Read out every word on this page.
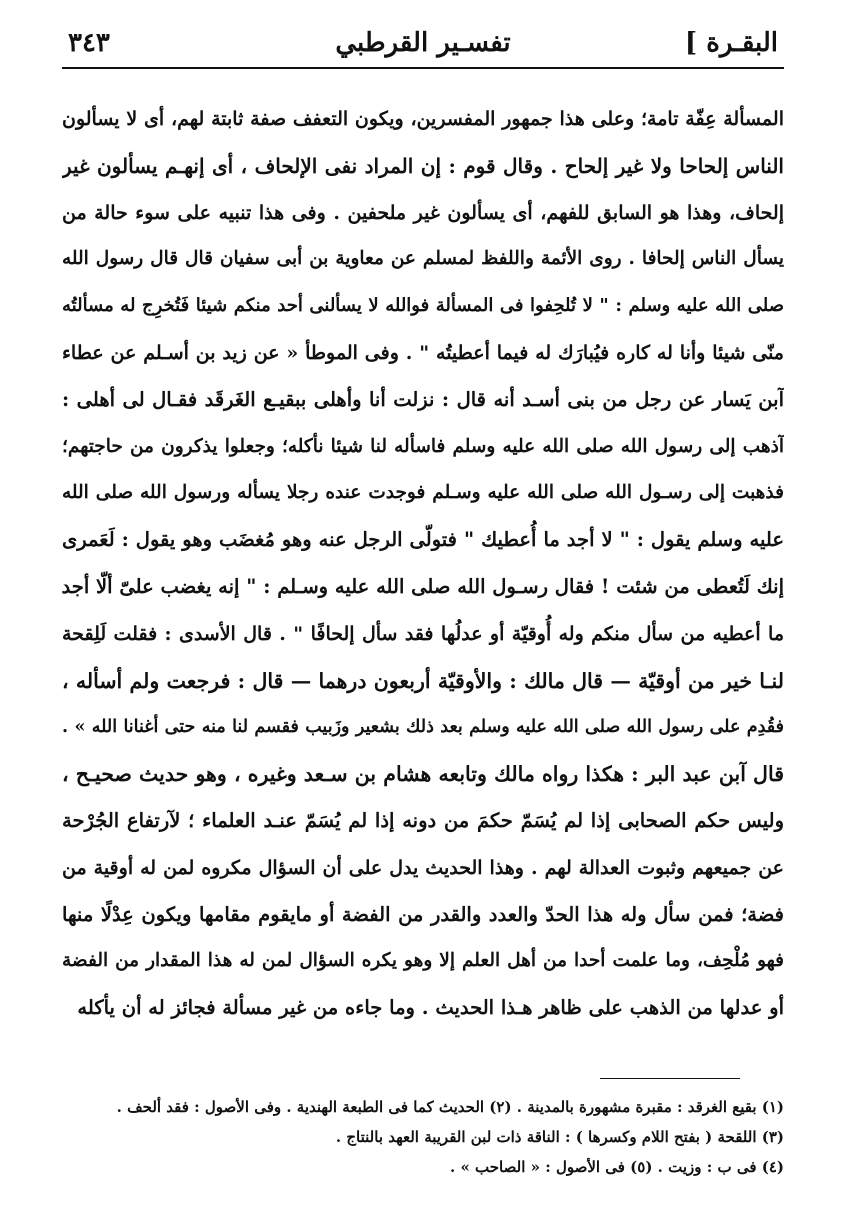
البقـرة ]
تفسـير القرطبي
٣٤٣
المسألة عِفّة تامة؛ وعلى هذا جمهور المفسرين، ويكون التعفف صفة ثابتة لهم، أى لا يسألون
الناس إلحاحا ولا غير إلحاح . وقال قوم : إن المراد نفى الإلحاف ، أى إنهـم يسألون غير
إلحاف، وهذا هو السابق للفهم، أى يسألون غير ملحفين . وفى هذا تنبيه على سوء حالة من
يسأل الناس إلحافا . روى الأئمة واللفظ لمسلم عن معاوية بن أبى سفيان قال قال رسول الله
صلى الله عليه وسلم : " لا تُلحِفوا فى المسألة فوالله لا يسألنى أحد منكم شيئا فَتُخرِج له مسألتُه
منّى شيئا وأنا له كاره فيُبارَك له فيما أعطيتُه " . وفى الموطأ « عن زيد بن أسـلم عن عطاء
آبن يَسار عن رجل من بنى أسـد أنه قال : نزلت أنا وأهلى ببقيـع الغَرقَد فقـال لى أهلى :
آذهب إلى رسول الله صلى الله عليه وسلم فاسأله لنا شيئا نأكله؛ وجعلوا يذكرون من حاجتهم؛
فذهبت إلى رسـول الله صلى الله عليه وسـلم فوجدت عنده رجلا يسأله ورسول الله صلى الله
عليه وسلم يقول : " لا أجد ما أُعطيك " فتولّى الرجل عنه وهو مُغضَب وهو يقول : لَعَمرى
إنك لَتُعطى من شئت ! فقال رسـول الله صلى الله عليه وسـلم : " إنه يغضب علىّ ألّا أجد
ما أعطيه من سأل منكم وله أُوقيّة أو عدلُها فقد سأل إلحافًا " . قال الأسدى : فقلت لَلِقحة
لنـا خير من أوقيّة — قال مالك : والأوقيّة أربعون درهما — قال : فرجعت ولم أسأله ،
فقُدِم على رسول الله صلى الله عليه وسلم بعد ذلك بشعير وزَبيب فقسم لنا منه حتى أغنانا الله » .
قال آبن عبد البر : هكذا رواه مالك وتابعه هشام بن سـعد وغيره ، وهو حديث صحيـح ،
وليس حكم الصحابى إذا لم يُسَمّ حكمَ من دونه إذا لم يُسَمّ عنـد العلماء ؛ لآرتفاع الجُرْحة
عن جميعهم وثبوت العدالة لهم . وهذا الحديث يدل على أن السؤال مكروه لمن له أوقية من
فضة؛ فمن سأل وله هذا الحدّ والعدد والقدر من الفضة أو مايقوم مقامها ويكون عِدْلًا منها
فهو مُلْحِف، وما علمت أحدا من أهل العلم إلا وهو يكره السؤال لمن له هذا المقدار من الفضة
أو عدلها من الذهب على ظاهر هـذا الحديث . وما جاءه من غير مسألة فجائز له أن يأكله
(١) بقيع الغرقد : مقبرة مشهورة بالمدينة . (٢) الحديث كما فى الطبعة الهندية . وفى الأصول : فقد ألحف .
(٣) اللقحة ( بفتح اللام وكسرها ) : الناقة ذات لبن القريبة العهد بالنتاج .
(٤) فى ب : وزيت . (٥) فى الأصول : « الصاحب » .
